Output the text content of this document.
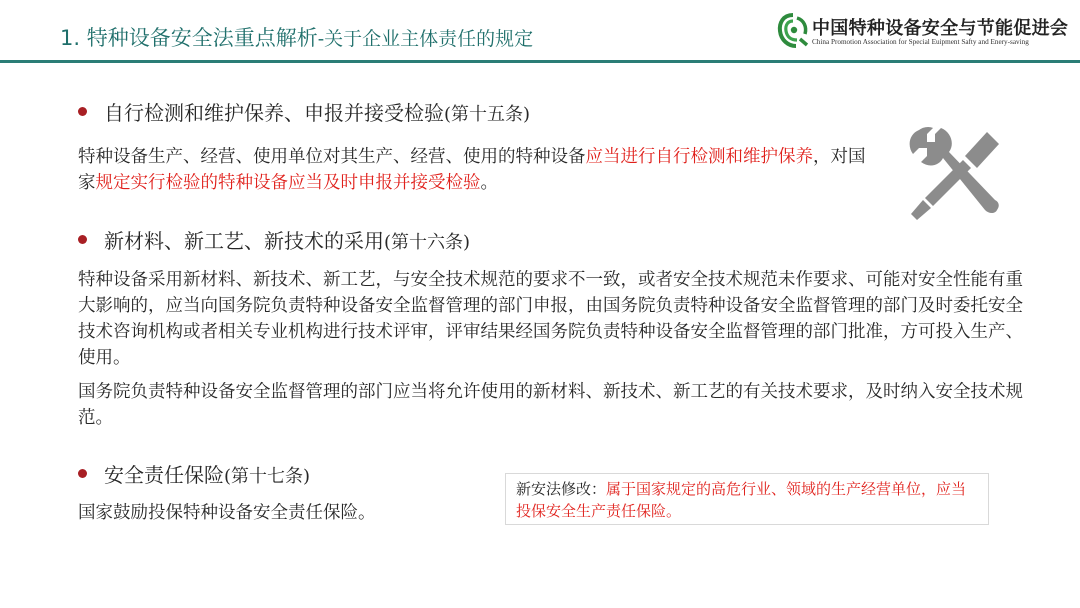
1. 特种设备安全法重点解析-关于企业主体责任的规定	中国特种设备安全与节能促进会
China Promotion Association for Special Euipment Safty and Enery-saving
自行检测和维护保养、申报并接受检验(第十五条)
特种设备生产、经营、使用单位对其生产、经营、使用的特种设备应当进行自行检测和维护保养，对国家规定实行检验的特种设备应当及时申报并接受检验。
新材料、新工艺、新技术的采用(第十六条)
特种设备采用新材料、新技术、新工艺，与安全技术规范的要求不一致，或者安全技术规范未作要求、可能对安全性能有重大影响的，应当向国务院负责特种设备安全监督管理的部门申报，由国务院负责特种设备安全监督管理的部门及时委托安全技术咨询机构或者相关专业机构进行技术评审，评审结果经国务院负责特种设备安全监督管理的部门批准，方可投入生产、使用。
国务院负责特种设备安全监督管理的部门应当将允许使用的新材料、新技术、新工艺的有关技术要求，及时纳入安全技术规范。
安全责任保险(第十七条)
国家鼓励投保特种设备安全责任保险。
新安法修改：属于国家规定的高危行业、领域的生产经营单位，应当投保安全生产责任保险。
